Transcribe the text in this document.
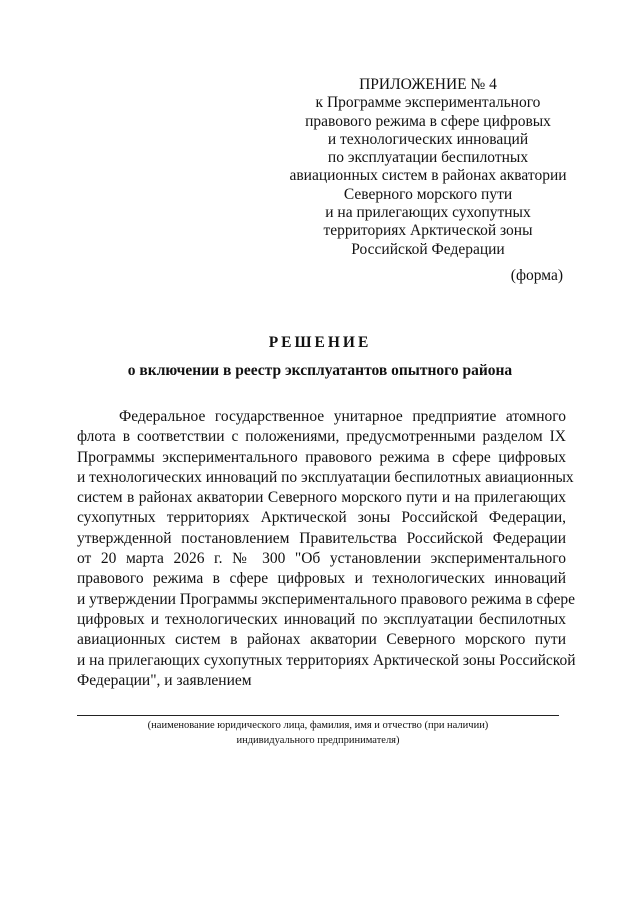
ПРИЛОЖЕНИЕ № 4
к Программе экспериментального
правового режима в сфере цифровых
и технологических инноваций
по эксплуатации беспилотных
авиационных систем в районах акватории
Северного морского пути
и на прилегающих сухопутных
территориях Арктической зоны
Российской Федерации
(форма)
РЕШЕНИЕ
о включении в реестр эксплуатантов опытного района
Федеральное государственное унитарное предприятие атомного
флота в соответствии с положениями, предусмотренными разделом IX
Программы экспериментального правового режима в сфере цифровых
и технологических инноваций по эксплуатации беспилотных авиационных
систем в районах акватории Северного морского пути и на прилегающих
сухопутных территориях Арктической зоны Российской Федерации,
утвержденной постановлением Правительства Российской Федерации
от 20 марта 2026 г. № 300 "Об установлении экспериментального
правового режима в сфере цифровых и технологических инноваций
и утверждении Программы экспериментального правового режима в сфере
цифровых и технологических инноваций по эксплуатации беспилотных
авиационных систем в районах акватории Северного морского пути
и на прилегающих сухопутных территориях Арктической зоны Российской
Федерации", и заявлением
(наименование юридического лица, фамилия, имя и отчество (при наличии)
индивидуального предпринимателя)
